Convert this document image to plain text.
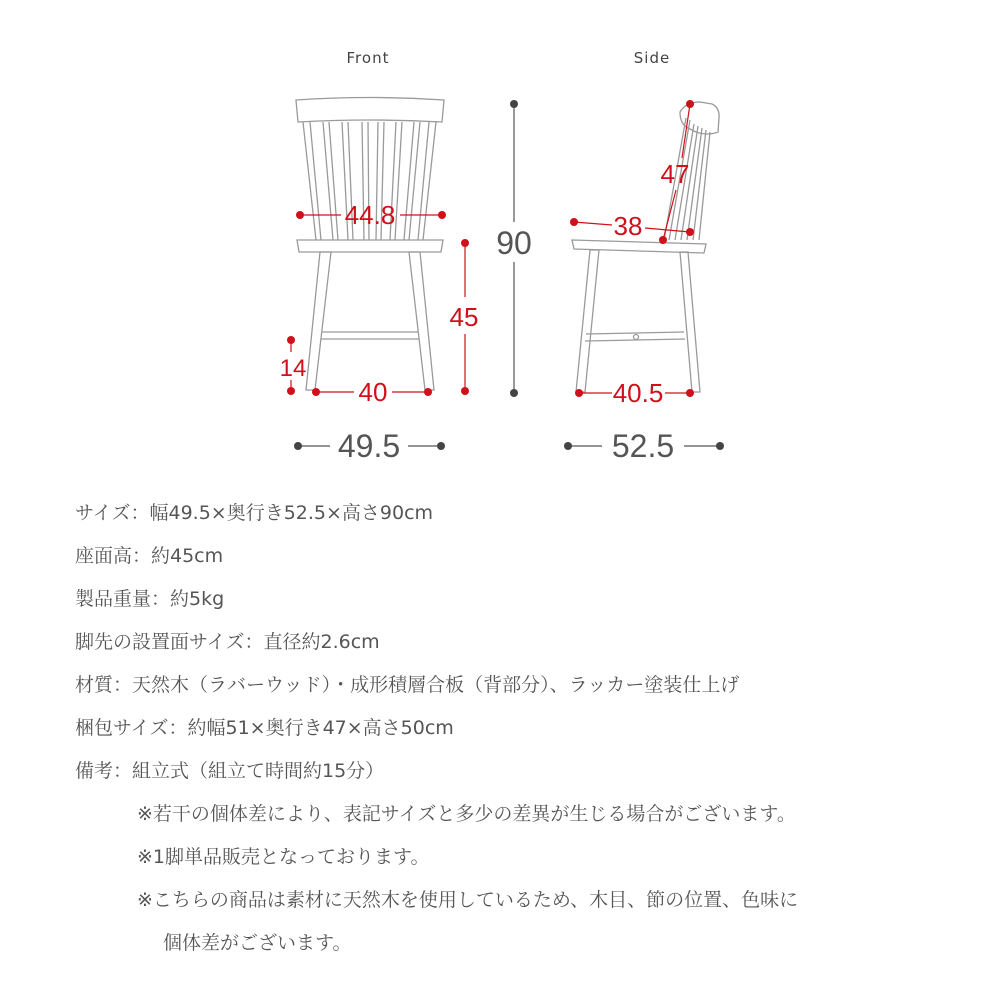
Front	Side
44.8
40
14
45
90
49.5
47
38
40.5
52.5
サイズ：幅49.5×奥行き52.5×高さ90cm
座面高：約45cm
製品重量：約5kg
脚先の設置面サイズ：直径約2.6cm
材質：天然木（ラバーウッド）・成形積層合板（背部分）、ラッカー塗装仕上げ
梱包サイズ：約幅51×奥行き47×高さ50cm
備考：組立式（組立て時間約15分）
※若干の個体差により、表記サイズと多少の差異が生じる場合がございます。
※1脚単品販売となっております。
※こちらの商品は素材に天然木を使用しているため、木目、節の位置、色味に
個体差がございます。
